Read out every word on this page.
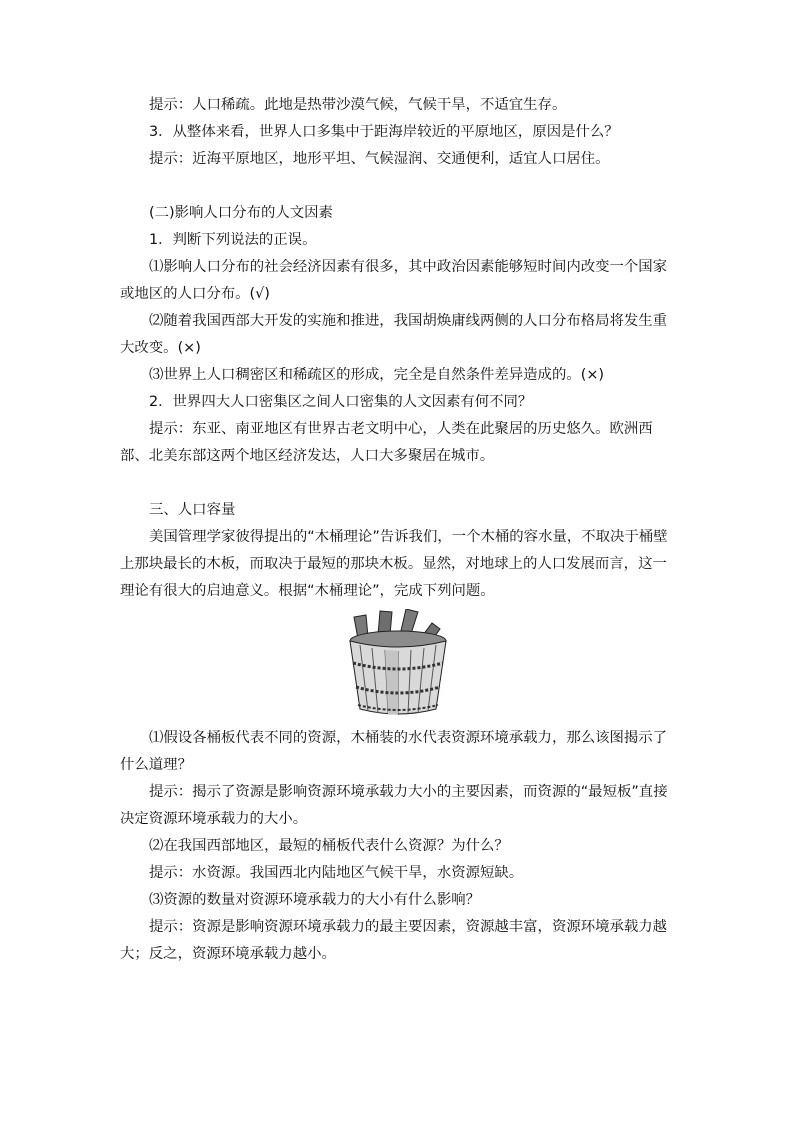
提示：人口稀疏。此地是热带沙漠气候，气候干旱，不适宜生存。

3．从整体来看，世界人口多集中于距海岸较近的平原地区，原因是什么？

提示：近海平原地区，地形平坦、气候湿润、交通便利，适宜人口居住。

(二)影响人口分布的人文因素

1．判断下列说法的正误。

⑴影响人口分布的社会经济因素有很多，其中政治因素能够短时间内改变一个国家或地区的人口分布。(√)

⑵随着我国西部大开发的实施和推进，我国胡焕庸线两侧的人口分布格局将发生重大改变。(×)

⑶世界上人口稠密区和稀疏区的形成，完全是自然条件差异造成的。(×)

2．世界四大人口密集区之间人口密集的人文因素有何不同？

提示：东亚、南亚地区有世界古老文明中心，人类在此聚居的历史悠久。欧洲西部、北美东部这两个地区经济发达，人口大多聚居在城市。

三、人口容量

美国管理学家彼得提出的“木桶理论”告诉我们，一个木桶的容水量，不取决于桶壁上那块最长的木板，而取决于最短的那块木板。显然，对地球上的人口发展而言，这一理论有很大的启迪意义。根据“木桶理论”，完成下列问题。

⑴假设各桶板代表不同的资源，木桶装的水代表资源环境承载力，那么该图揭示了什么道理？

提示：揭示了资源是影响资源环境承载力大小的主要因素，而资源的“最短板”直接决定资源环境承载力的大小。

⑵在我国西部地区，最短的桶板代表什么资源？为什么？

提示：水资源。我国西北内陆地区气候干旱，水资源短缺。

⑶资源的数量对资源环境承载力的大小有什么影响？

提示：资源是影响资源环境承载力的最主要因素，资源越丰富，资源环境承载力越大；反之，资源环境承载力越小。
